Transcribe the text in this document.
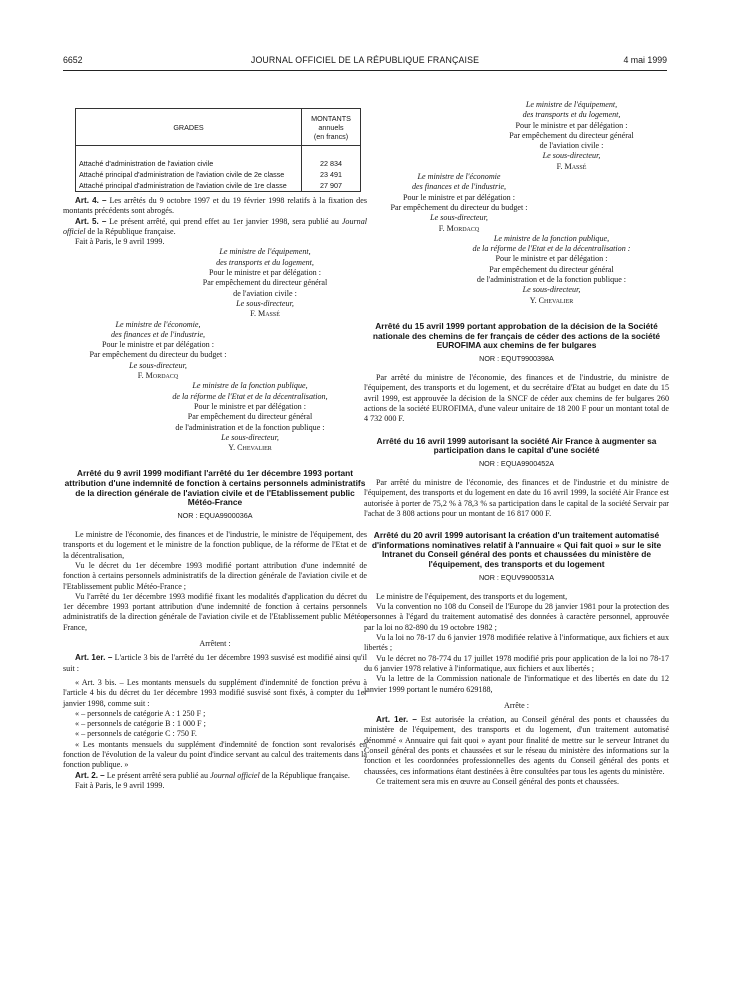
6652	JOURNAL OFFICIEL DE LA RÉPUBLIQUE FRANÇAISE	4 mai 1999
GRADES	MONTANTS
annuels
(en francs)

Attaché d'administration de l'aviation civile	22 834
Attaché principal d'administration de l'aviation civile de 2e classe	23 491
Attaché principal d'administration de l'aviation civile de 1re classe	27 907

Art. 4. – Les arrêtés du 9 octobre 1997 et du 19 février 1998 relatifs à la fixation des montants précédents sont abrogés.

Art. 5. – Le présent arrêté, qui prend effet au 1er janvier 1998, sera publié au Journal officiel de la République française.

Fait à Paris, le 9 avril 1999.

Le ministre de l'équipement,

des transports et du logement,

Pour le ministre et par délégation :

Par empêchement du directeur général

de l'aviation civile :

Le sous-directeur,

F. Massé

Le ministre de l'économie,

des finances et de l'industrie,

Pour le ministre et par délégation :

Par empêchement du directeur du budget :

Le sous-directeur,

F. Mordacq

Le ministre de la fonction publique,

de la réforme de l'Etat et de la décentralisation,

Pour le ministre et par délégation :

Par empêchement du directeur général

de l'administration et de la fonction publique :

Le sous-directeur,

Y. Chevalier

Arrêté du 9 avril 1999 modifiant l'arrêté du 1er décembre 1993 portant attribution d'une indemnité de fonction à certains personnels administratifs de la direction générale de l'aviation civile et de l'Etablissement public Météo-France

NOR : EQUA9900036A

Le ministre de l'économie, des finances et de l'industrie, le ministre de l'équipement, des transports et du logement et le ministre de la fonction publique, de la réforme de l'Etat et de la décentralisation,

Vu le décret du 1er décembre 1993 modifié portant attribution d'une indemnité de fonction à certains personnels administratifs de la direction générale de l'aviation civile et de l'Etablissement public Météo-France ;

Vu l'arrêté du 1er décembre 1993 modifié fixant les modalités d'application du décret du 1er décembre 1993 portant attribution d'une indemnité de fonction à certains personnels administratifs de la direction générale de l'aviation civile et de l'Etablissement public Météo-France,

Arrêtent :

Art. 1er. – L'article 3 bis de l'arrêté du 1er décembre 1993 susvisé est modifié ainsi qu'il suit :

« Art. 3 bis. – Les montants mensuels du supplément d'indemnité de fonction prévu à l'article 4 bis du décret du 1er décembre 1993 modifié susvisé sont fixés, à compter du 1er janvier 1998, comme suit :

« – personnels de catégorie A : 1 250 F ;

« – personnels de catégorie B : 1 000 F ;

« – personnels de catégorie C : 750 F.

« Les montants mensuels du supplément d'indemnité de fonction sont revalorisés en fonction de l'évolution de la valeur du point d'indice servant au calcul des traitements dans la fonction publique. »

Art. 2. – Le présent arrêté sera publié au Journal officiel de la République française.

Fait à Paris, le 9 avril 1999.

Le ministre de l'équipement,

des transports et du logement,

Pour le ministre et par délégation :

Par empêchement du directeur général

de l'aviation civile :

Le sous-directeur,

F. Massé

Le ministre de l'économie

des finances et de l'industrie,

Pour le ministre et par délégation :

Par empêchement du directeur du budget :

Le sous-directeur,

F. Mordacq

Le ministre de la fonction publique,

de la réforme de l'Etat et de la décentralisation :

Pour le ministre et par délégation :

Par empêchement du directeur général

de l'administration et de la fonction publique :

Le sous-directeur,

Y. Chevalier

Arrêté du 15 avril 1999 portant approbation de la décision de la Société nationale des chemins de fer français de céder des actions de la société EUROFIMA aux chemins de fer bulgares

NOR : EQUT9900398A

Par arrêté du ministre de l'économie, des finances et de l'industrie, du ministre de l'équipement, des transports et du logement, et du secrétaire d'Etat au budget en date du 15 avril 1999, est approuvée la décision de la SNCF de céder aux chemins de fer bulgares 260 actions de la société EUROFIMA, d'une valeur unitaire de 18 200 F pour un montant total de 4 732 000 F.

Arrêté du 16 avril 1999 autorisant la société Air France à augmenter sa participation dans le capital d'une société

NOR : EQUA9900452A

Par arrêté du ministre de l'économie, des finances et de l'industrie et du ministre de l'équipement, des transports et du logement en date du 16 avril 1999, la société Air France est autorisée à porter de 75,2 % à 78,3 % sa participation dans le capital de la société Servair par l'achat de 3 808 actions pour un montant de 16 817 000 F.

Arrêté du 20 avril 1999 autorisant la création d'un traitement automatisé d'informations nominatives relatif à l'annuaire « Qui fait quoi » sur le site Intranet du Conseil général des ponts et chaussées du ministère de l'équipement, des transports et du logement

NOR : EQUV9900531A

Le ministre de l'équipement, des transports et du logement,

Vu la convention no 108 du Conseil de l'Europe du 28 janvier 1981 pour la protection des personnes à l'égard du traitement automatisé des données à caractère personnel, approuvée par la loi no 82-890 du 19 octobre 1982 ;

Vu la loi no 78-17 du 6 janvier 1978 modifiée relative à l'informatique, aux fichiers et aux libertés ;

Vu le décret no 78-774 du 17 juillet 1978 modifié pris pour application de la loi no 78-17 du 6 janvier 1978 relative à l'informatique, aux fichiers et aux libertés ;

Vu la lettre de la Commission nationale de l'informatique et des libertés en date du 12 janvier 1999 portant le numéro 629188,

Arrête :

Art. 1er. – Est autorisée la création, au Conseil général des ponts et chaussées du ministère de l'équipement, des transports et du logement, d'un traitement automatisé dénommé « Annuaire qui fait quoi » ayant pour finalité de mettre sur le serveur Intranet du Conseil général des ponts et chaussées et sur le réseau du ministère des informations sur la fonction et les coordonnées professionnelles des agents du Conseil général des ponts et chaussées, ces informations étant destinées à être consultées par tous les agents du ministère.

Ce traitement sera mis en œuvre au Conseil général des ponts et chaussées.
